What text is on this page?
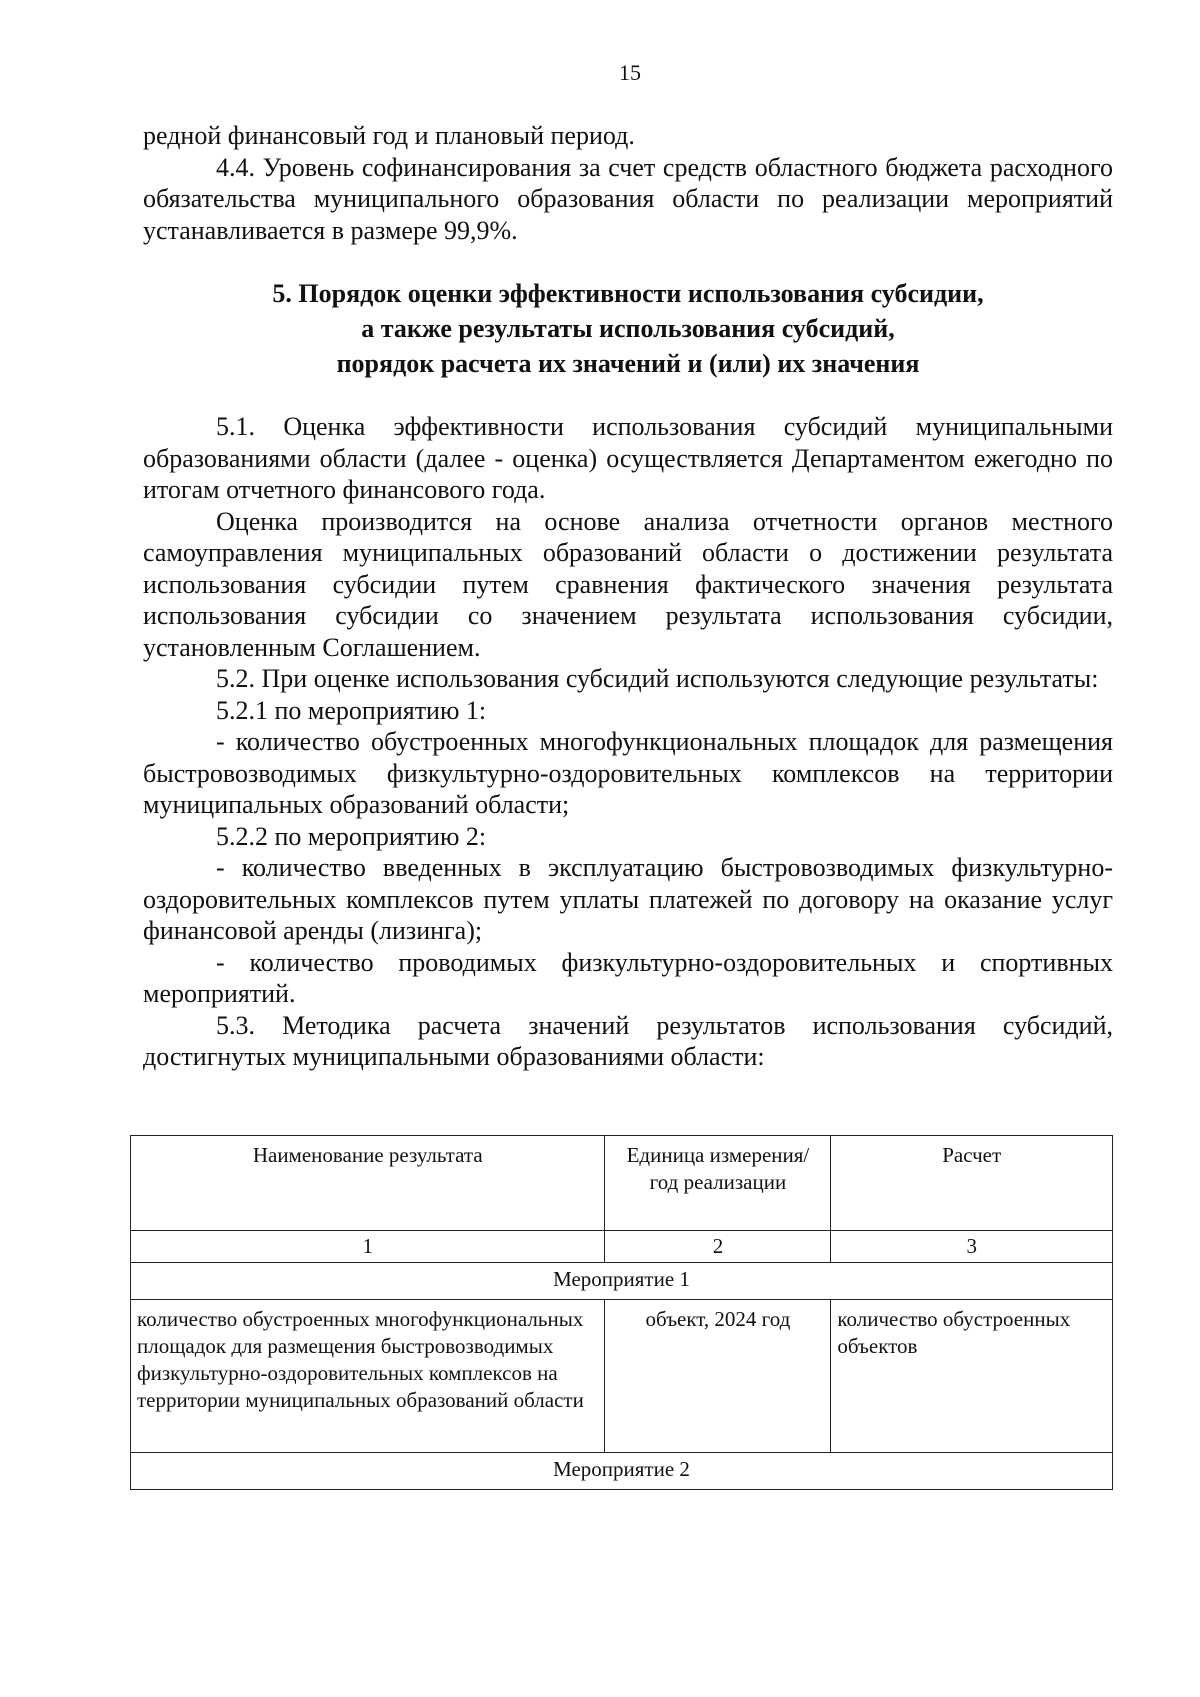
15

редной финансовый год и плановый период.

4.4. Уровень софинансирования за счет средств областного бюджета расходного обязательства муниципального образования области по реализации мероприятий устанавливается в размере 99,9%.

5. Порядок оценки эффективности использования субсидии,
а также результаты использования субсидий,
порядок расчета их значений и (или) их значения

5.1. Оценка эффективности использования субсидий муниципальными образованиями области (далее - оценка) осуществляется Департаментом ежегодно по итогам отчетного финансового года.

Оценка производится на основе анализа отчетности органов местного самоуправления муниципальных образований области о достижении результата использования субсидии путем сравнения фактического значения результата использования субсидии со значением результата использования субсидии, установленным Соглашением.

5.2. При оценке использования субсидий используются следующие результаты:

5.2.1 по мероприятию 1:

- количество обустроенных многофункциональных площадок для размещения быстровозводимых физкультурно-оздоровительных комплексов на территории муниципальных образований области;

5.2.2 по мероприятию 2:

- количество введенных в эксплуатацию быстровозводимых физкультурно-оздоровительных комплексов путем уплаты платежей по договору на оказание услуг финансовой аренды (лизинга);

- количество проводимых физкультурно-оздоровительных и спортивных мероприятий.

5.3. Методика расчета значений результатов использования субсидий, достигнутых муниципальными образованиями области:

Наименование результата	Единица измерения/ год реализации	Расчет
1	2	3
Мероприятие 1		
количество обустроенных многофункциональных площадок для размещения быстровозводимых физкультурно-оздоровительных комплексов на территории муниципальных образований области	объект, 2024 год	количество обустроенных объектов
Мероприятие 2		
